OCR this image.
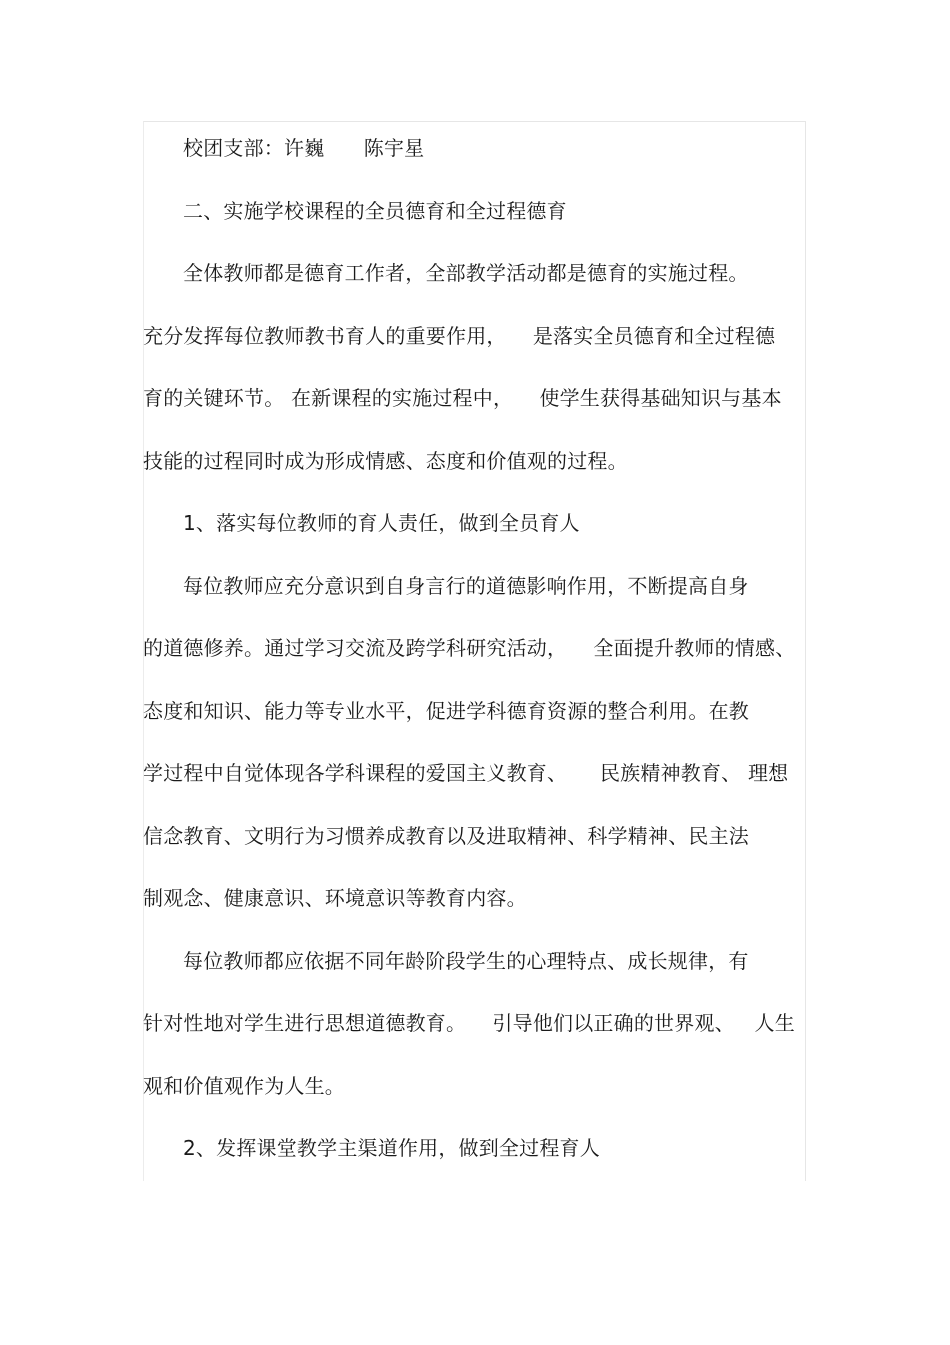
校团支部：许巍      陈宇星
二、实施学校课程的全员德育和全过程德育
全体教师都是德育工作者，全部教学活动都是德育的实施过程。
充分发挥每位教师教书育人的重要作用，    是落实全员德育和全过程德
育的关键环节。 在新课程的实施过程中，    使学生获得基础知识与基本
技能的过程同时成为形成情感、态度和价值观的过程。
1、落实每位教师的育人责任，做到全员育人
每位教师应充分意识到自身言行的道德影响作用，不断提高自身
的道德修养。通过学习交流及跨学科研究活动，    全面提升教师的情感、
态度和知识、能力等专业水平，促进学科德育资源的整合利用。在教
学过程中自觉体现各学科课程的爱国主义教育、     民族精神教育、 理想
信念教育、文明行为习惯养成教育以及进取精神、科学精神、民主法
制观念、健康意识、环境意识等教育内容。
每位教师都应依据不同年龄阶段学生的心理特点、成长规律，有
针对性地对学生进行思想道德教育。    引导他们以正确的世界观、   人生
观和价值观作为人生。
2、发挥课堂教学主渠道作用，做到全过程育人
